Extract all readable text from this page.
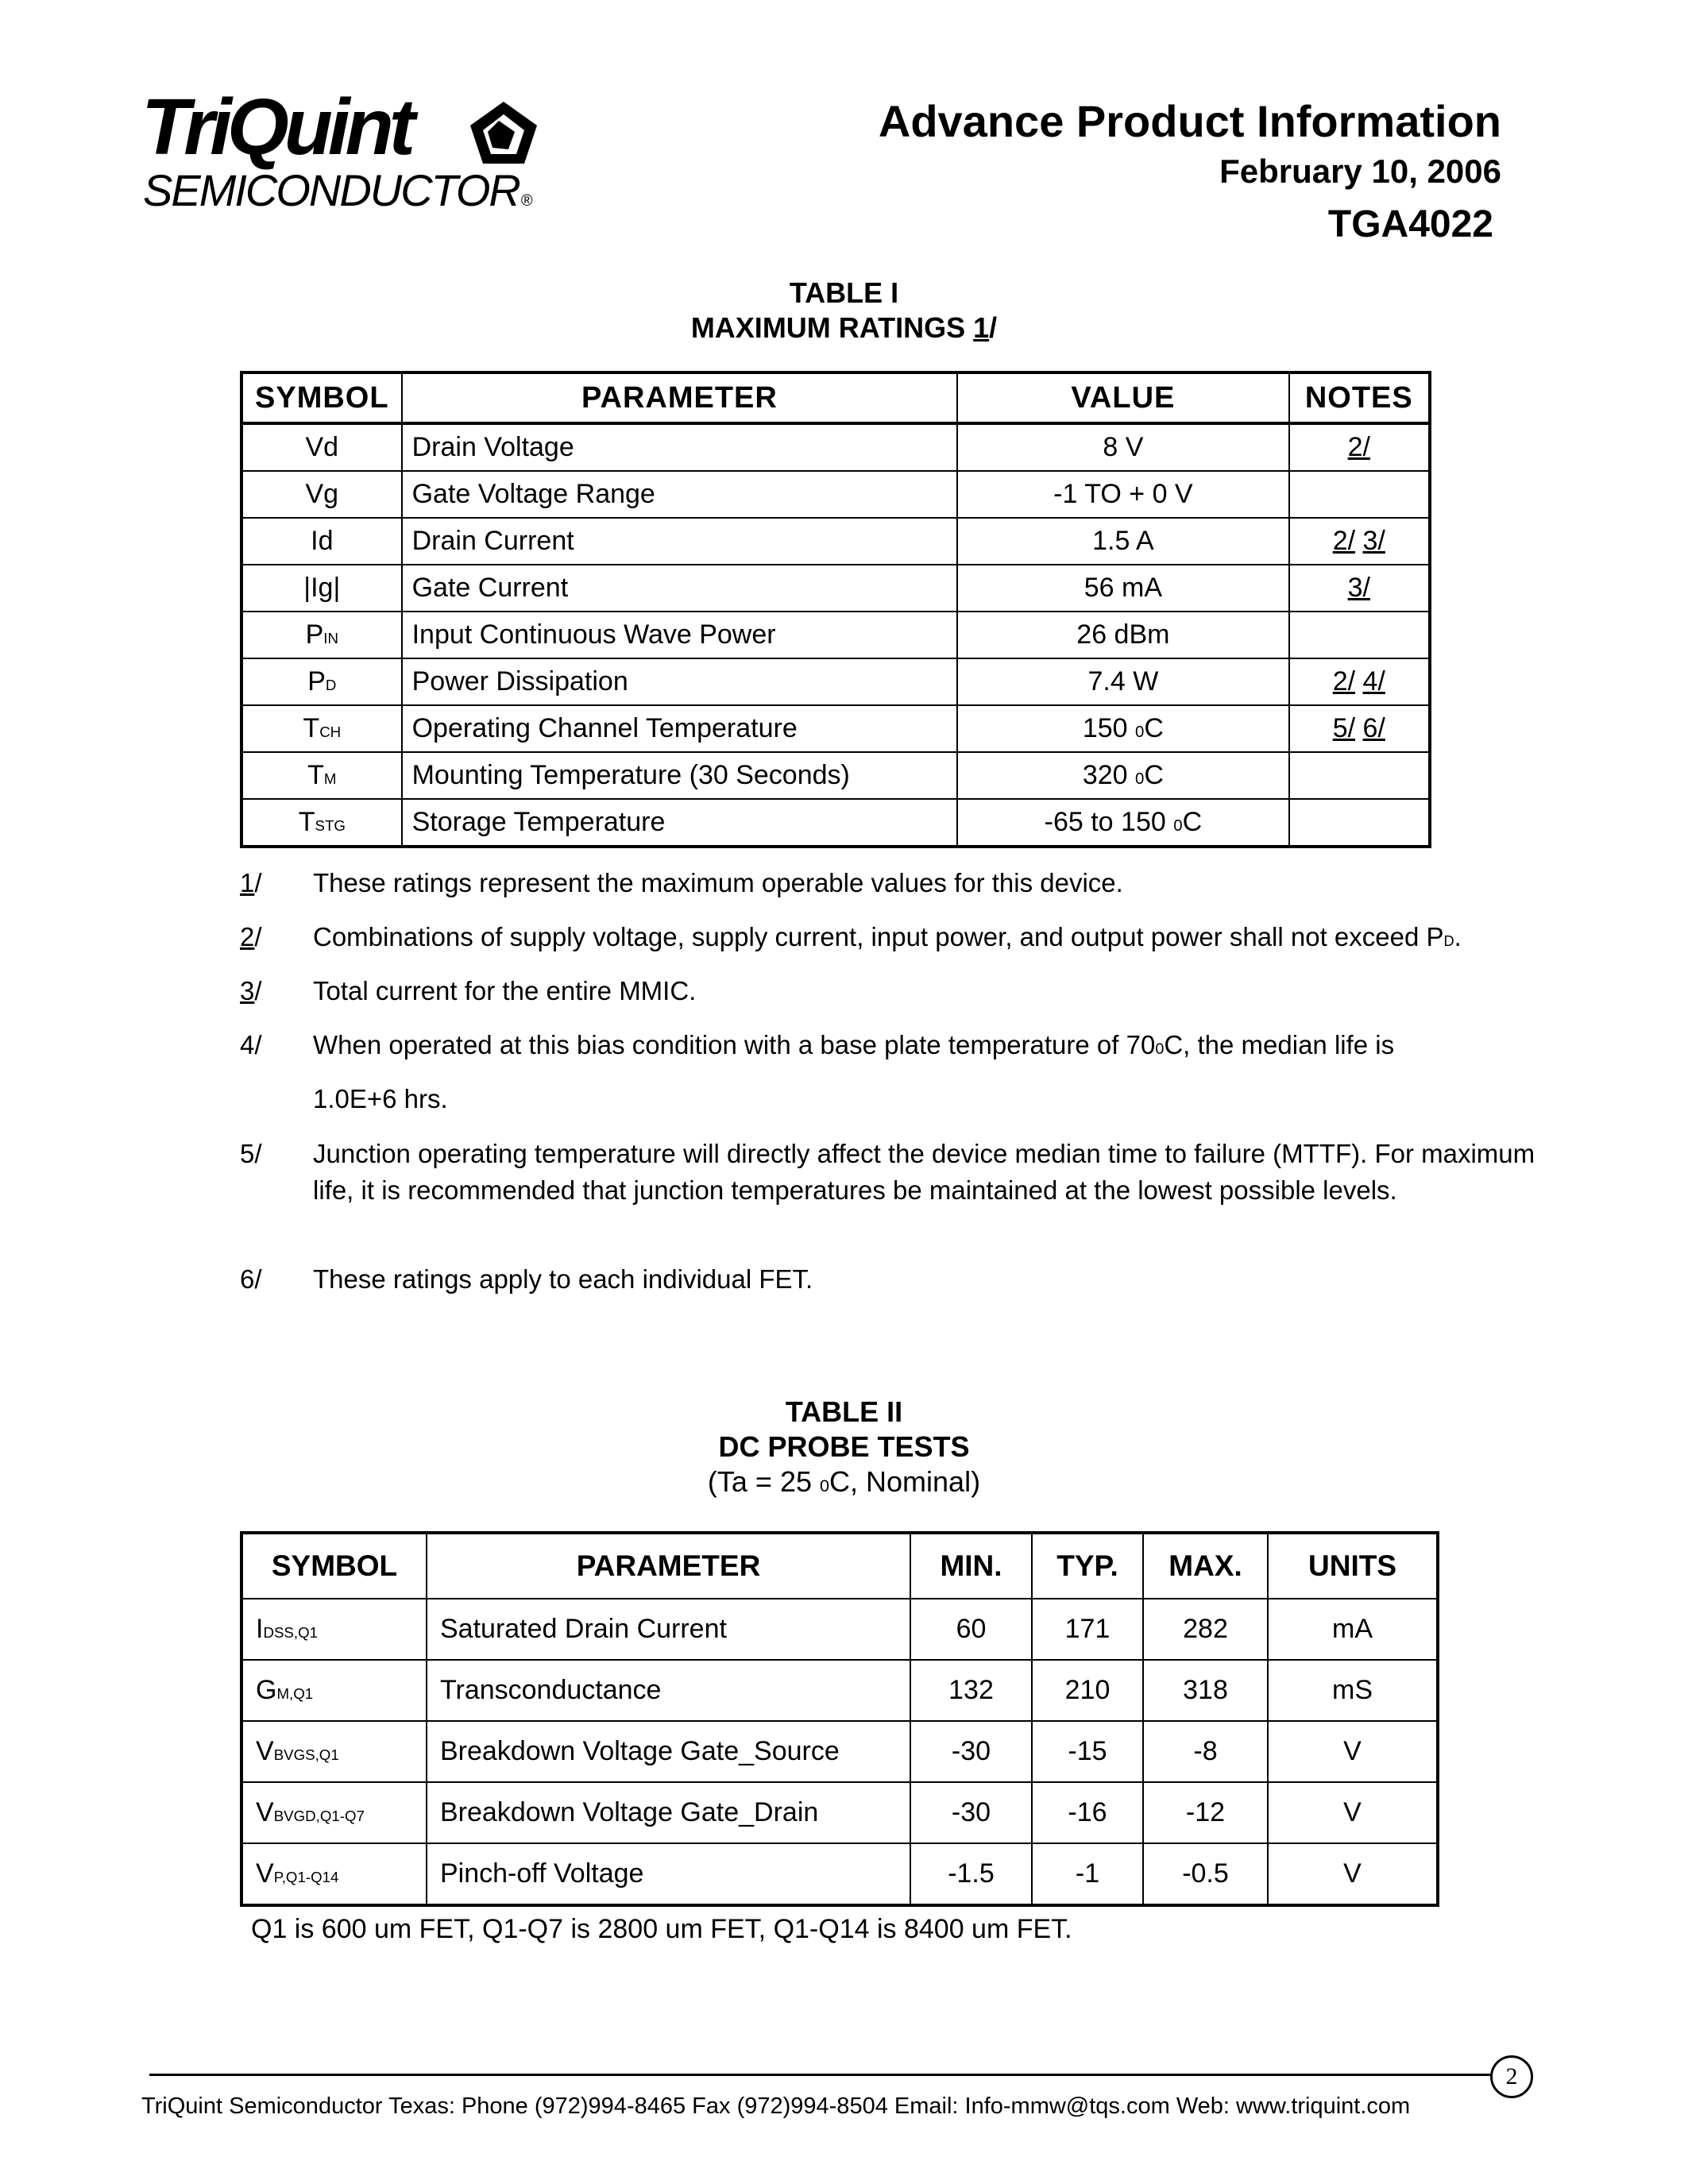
TriQuint
SEMICONDUCTOR ®
Advance Product Information
February 10, 2006
TGA4022
TABLE I
MAXIMUM RATINGS 1/
SYMBOL	PARAMETER	VALUE	NOTES
Vd	Drain Voltage	8 V	2/
Vg	Gate Voltage Range	-1 TO + 0 V	
Id	Drain Current	1.5 A	2/ 3/
|Ig|	Gate Current	56 mA	3/
$P_{IN}$	Input Continuous Wave Power	26 dBm	
$P_D$	Power Dissipation	7.4 W	2/ 4/
$T_{CH}$	Operating Channel Temperature	150 $^0$C	5/ 6/
$T_M$	Mounting Temperature (30 Seconds)	320 $^0$C	
$T_{STG}$	Storage Temperature	-65 to 150 $^0$C	
1/ These ratings represent the maximum operable values for this device.
2/ Combinations of supply voltage, supply current, input power, and output power shall not exceed $P_D$.
3/ Total current for the entire MMIC.
4/ When operated at this bias condition with a base plate temperature of $70^0C$, the median life is
1.0E+6 hrs.
5/ Junction operating temperature will directly affect the device median time to failure (MTTF). For maximum life, it is recommended that junction temperatures be maintained at the lowest possible levels.
6/ These ratings apply to each individual FET.
TABLE II
DC PROBE TESTS
(Ta = 25 $^0$C, Nominal)
SYMBOL	PARAMETER	MIN.	TYP.	MAX.	UNITS
$I_{DSS,Q1}$	Saturated Drain Current	60	171	282	mA
$G_{M,Q1}$	Transconductance	132	210	318	mS
$V_{BVGS,Q1}$	Breakdown Voltage Gate_Source	-30	-15	-8	V
$V_{BVGD,Q1-Q7}$	Breakdown Voltage Gate_Drain	-30	-16	-12	V
$V_{P,Q1-Q14}$	Pinch-off Voltage	-1.5	-1	-0.5	V
Q1 is 600 um FET, Q1-Q7 is 2800 um FET, Q1-Q14 is 8400 um FET.
2
TriQuint Semiconductor Texas: Phone (972)994-8465 Fax (972)994-8504 Email: Info-mmw@tqs.com Web: www.triquint.com
